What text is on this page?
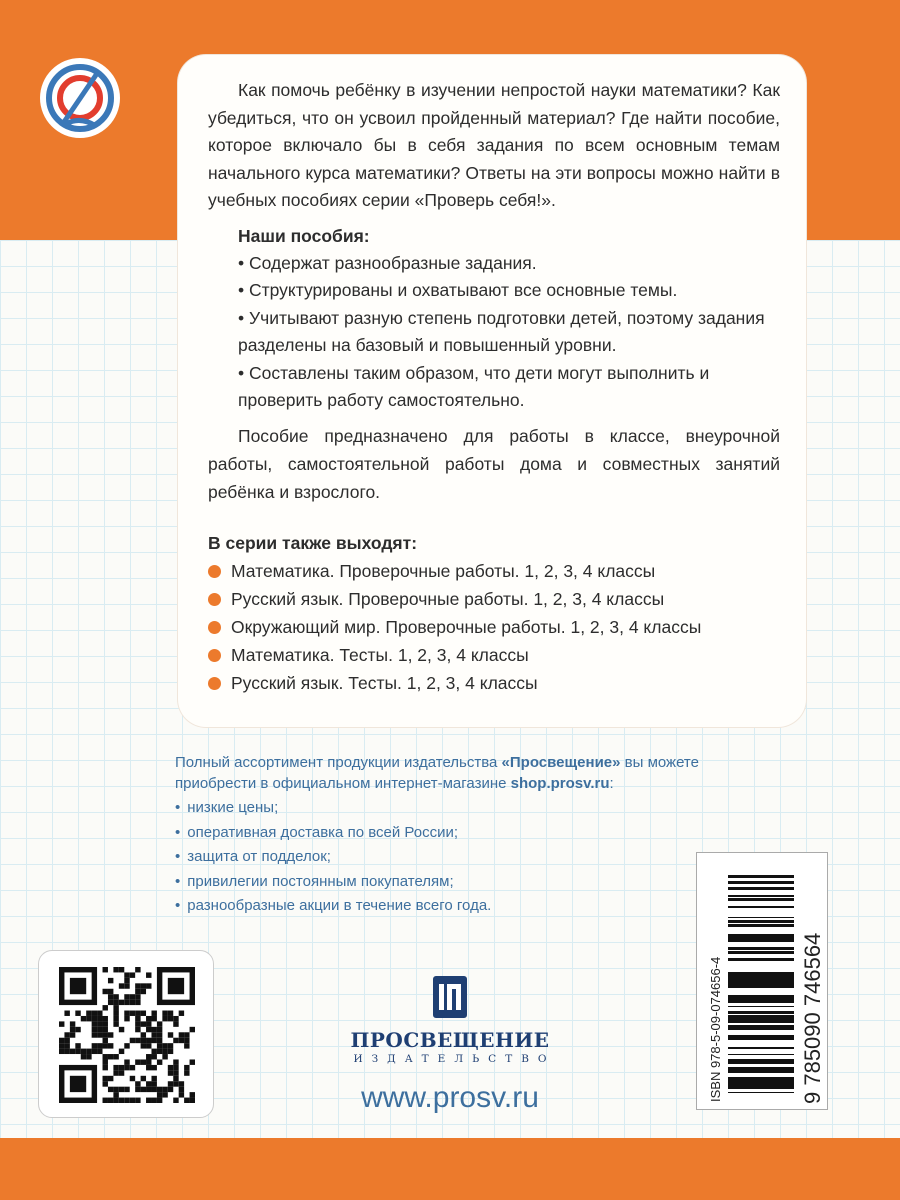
Как помочь ребёнку в изучении непростой науки математики? Как убедиться, что он усвоил пройденный материал? Где найти пособие, которое включало бы в себя задания по всем основным темам начального курса математики? Ответы на эти вопросы можно найти в учебных пособиях серии «Проверь себя!».

Наши пособия:

• Содержат разнообразные задания.

• Структурированы и охватывают все основные темы.

• Учитывают разную степень подготовки детей, поэтому задания разделены на базовый и повышенный уровни.

• Составлены таким образом, что дети могут выполнить и проверить работу самостоятельно.

Пособие предназначено для работы в классе, внеурочной работы, самостоятельной работы дома и совместных занятий ребёнка и взрослого.

В серии также выходят:

Математика. Проверочные работы. 1, 2, 3, 4 классы
Русский язык. Проверочные работы. 1, 2, 3, 4 классы
Окружающий мир. Проверочные работы. 1, 2, 3, 4 классы
Математика. Тесты. 1, 2, 3, 4 классы
Русский язык. Тесты. 1, 2, 3, 4 классы

Полный ассортимент продукции издательства «Просвещение» вы можете

приобрести в официальном интернет-магазине shop.prosv.ru:

• низкие цены;
• оперативная доставка по всей России;
• защита от подделок;
• привилегии постоянным покупателям;
• разнообразные акции в течение всего года.
ПРОСВЕЩЕНИЕ
ИЗДАТЕЛЬСТВО
www.prosv.ru	ISBN 978-5-09-074656-4	9 785090 746564
